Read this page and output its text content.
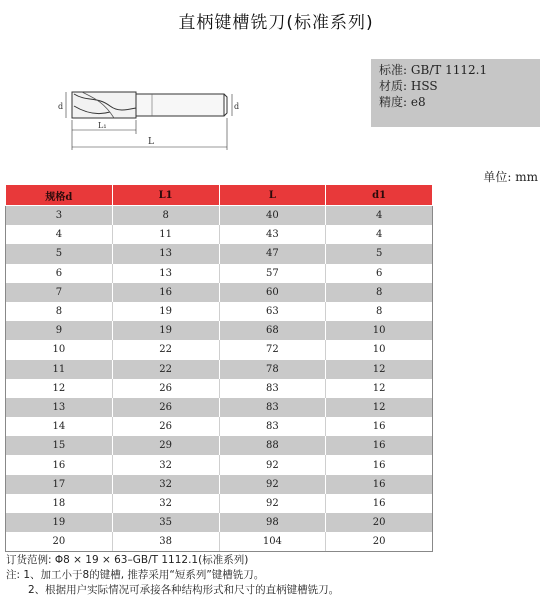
直柄键槽铣刀(标准系列)
d	d
L₁
L
标准: GB/T 1112.1
材质: HSS
精度: e8
单位: mm
规格d	L1	L	d1
3	8	40	4
4	11	43	4
5	13	47	5
6	13	57	6
7	16	60	8
8	19	63	8
9	19	68	10
10	22	72	10
11	22	78	12
12	26	83	12
13	26	83	12
14	26	83	16
15	29	88	16
16	32	92	16
17	32	92	16
18	32	92	16
19	35	98	20
20	38	104	20
订货范例: Φ8 × 19 × 63–GB/T 1112.1(标准系列)
注: 1、加工小于8的键槽, 推荐采用“短系列”键槽铣刀。
2、根据用户实际情况可承接各种结构形式和尺寸的直柄键槽铣刀。
